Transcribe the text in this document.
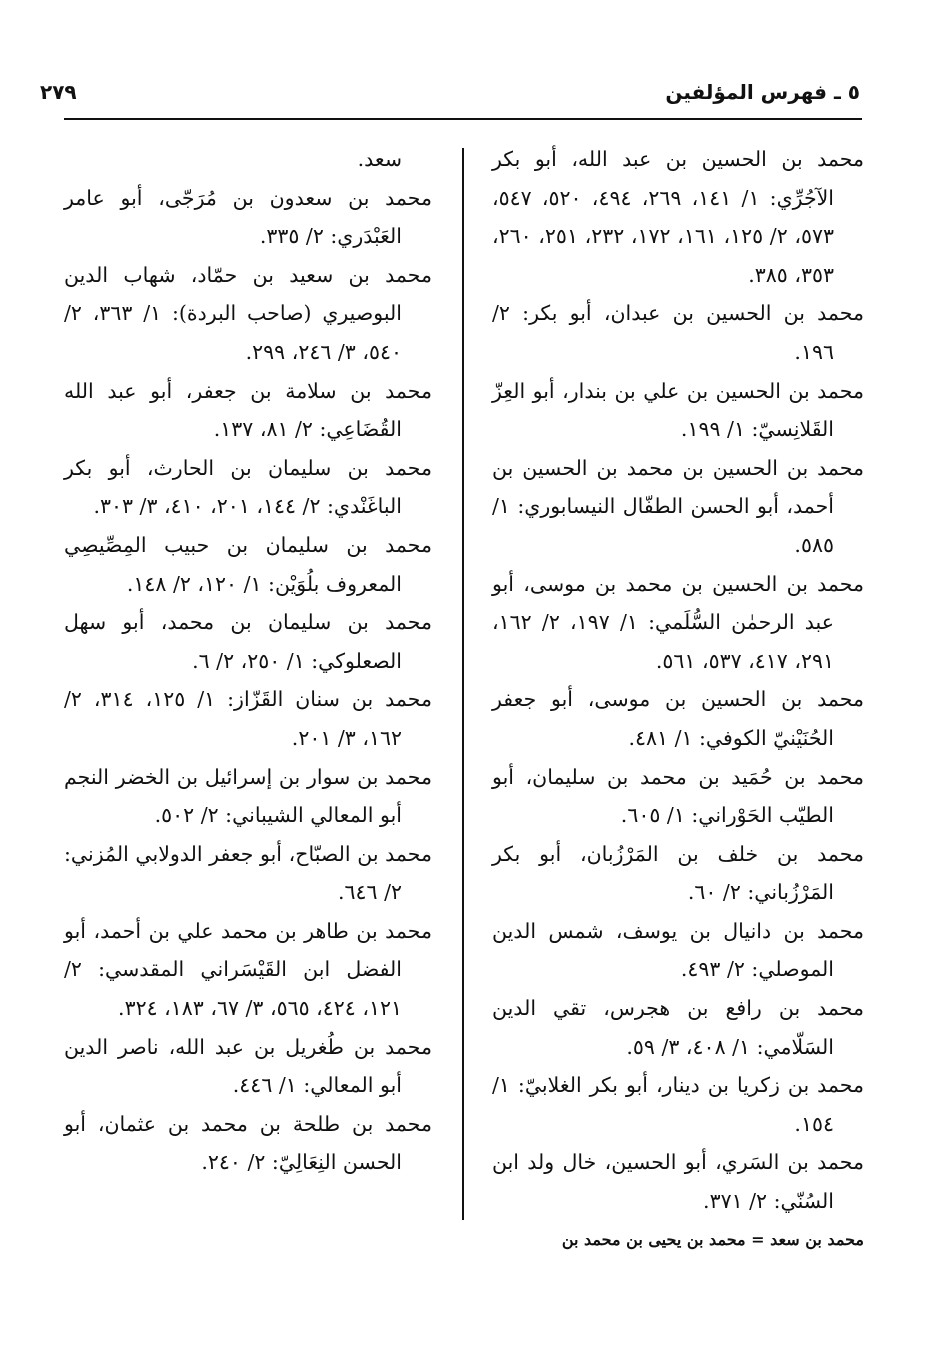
٥ ـ فهرس المؤلفين
٢٧٩

محمد بن الحسين بن عبد الله، أبو بكر الآجُرِّي: ١/ ١٤١، ٢٦٩، ٤٩٤، ٥٢٠، ٥٤٧، ٥٧٣، ٢/ ١٢٥، ١٦١، ١٧٢، ٢٣٢، ٢٥١، ٢٦٠، ٣٥٣، ٣٨٥.

محمد بن الحسين بن عبدان، أبو بكر: ٢/ ١٩٦.

محمد بن الحسين بن علي بن بندار، أبو العِزّ القَلانِسيّ: ١/ ١٩٩.

محمد بن الحسين بن محمد بن الحسين بن أحمد، أبو الحسن الطفّال النيسابوري: ١/ ٥٨٥.

محمد بن الحسين بن محمد بن موسى، أبو عبد الرحمٰن السُّلَمي: ١/ ١٩٧، ٢/ ١٦٢، ٢٩١، ٤١٧، ٥٣٧، ٥٦١.

محمد بن الحسين بن موسى، أبو جعفر الحُنَيْنيّ الكوفي: ١/ ٤٨١.

محمد بن حُمَيد بن محمد بن سليمان، أبو الطيّب الحَوْراني: ١/ ٦٠٥.

محمد بن خلف بن المَرْزُبان، أبو بكر المَرْزُباني: ٢/ ٦٠.

محمد بن دانيال بن يوسف، شمس الدين الموصلي: ٢/ ٤٩٣.

محمد بن رافع بن هجرس، تقي الدين السَلّامي: ١/ ٤٠٨، ٣/ ٥٩.

محمد بن زكريا بن دينار، أبو بكر الغلابيّ: ١/ ١٥٤.

محمد بن السَري، أبو الحسين، خال ولد ابن السُنّي: ٢/ ٣٧١.

محمد بن سعد = محمد بن يحيى بن محمد بن

سعد.

محمد بن سعدون بن مُرَجّى، أبو عامر العَبْدَري: ٢/ ٣٣٥.

محمد بن سعيد بن حمّاد، شهاب الدين البوصيري (صاحب البردة): ١/ ٣٦٣، ٢/ ٥٤٠، ٣/ ٢٤٦، ٢٩٩.

محمد بن سلامة بن جعفر، أبو عبد الله القُضَاعِي: ٢/ ٨١، ١٣٧.

محمد بن سليمان بن الحارث، أبو بكر الباغَنْدي: ٢/ ١٤٤، ٢٠١، ٤١٠، ٣/ ٣٠٣.

محمد بن سليمان بن حبيب المِصِّيصِي المعروف بلُوَيْن: ١/ ١٢٠، ٢/ ١٤٨.

محمد بن سليمان بن محمد، أبو سهل الصعلوكي: ١/ ٢٥٠، ٢/ ٦.

محمد بن سنان القَزّاز: ١/ ١٢٥، ٣١٤، ٢/ ١٦٢، ٣/ ٢٠١.

محمد بن سوار بن إسرائيل بن الخضر النجم أبو المعالي الشيباني: ٢/ ٥٠٢.

محمد بن الصبّاح، أبو جعفر الدولابي المُزني: ٢/ ٦٤٦.

محمد بن طاهر بن محمد علي بن أحمد، أبو الفضل ابن القَيْسَراني المقدسي: ٢/ ١٢١، ٤٢٤، ٥٦٥، ٣/ ٦٧، ١٨٣، ٣٢٤.

محمد بن طُغريل بن عبد الله، ناصر الدين أبو المعالي: ١/ ٤٤٦.

محمد بن طلحة بن محمد بن عثمان، أبو الحسن النِعَالِيّ: ٢/ ٢٤٠.
